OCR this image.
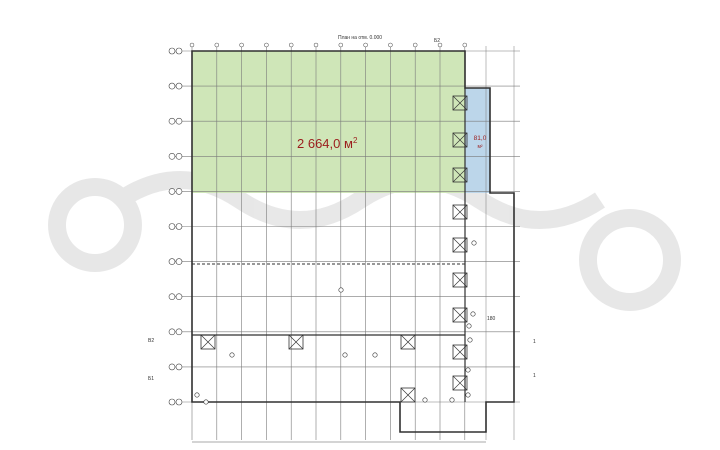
План на отм. 0.000
2 664,0 $м^2$	81,0
м²
Б2
В2
Б1
1
1
180
